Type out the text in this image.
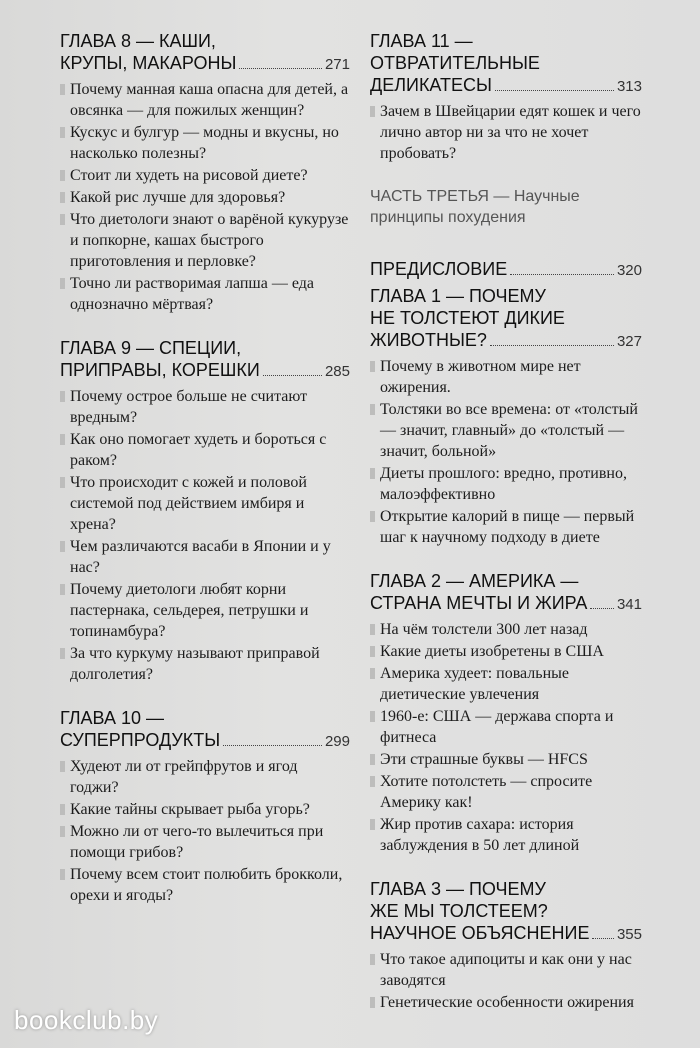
ГЛАВА 8 — КАШИ,
КРУПЫ, МАКАРОНЫ	271
Почему манная каша опасна для детей, а овсянка — для пожилых женщин?
Кускус и булгур — модны и вкусны, но насколько полезны?
Стоит ли худеть на рисовой диете?
Какой рис лучше для здоровья?
Что диетологи знают о варёной кукурузе и попкорне, кашах быстрого приготовления и перловке?
Точно ли растворимая лапша — еда однозначно мёртвая?
ГЛАВА 9 — СПЕЦИИ,
ПРИПРАВЫ, КОРЕШКИ	285
Почему острое больше не считают вредным?
Как оно помогает худеть и бороться с раком?
Что происходит с кожей и половой системой под действием имбиря и хрена?
Чем различаются васаби в Японии и у нас?
Почему диетологи любят корни пастернака, сельдерея, петрушки и топинамбура?
За что куркуму называют приправой долголетия?
ГЛАВА 10 —
СУПЕРПРОДУКТЫ	299
Худеют ли от грейпфрутов и ягод годжи?
Какие тайны скрывает рыба угорь?
Можно ли от чего-то вылечиться при помощи грибов?
Почему всем стоит полюбить брокколи, орехи и ягоды?
ГЛАВА 11 —
ОТВРАТИТЕЛЬНЫЕ
ДЕЛИКАТЕСЫ	313
Зачем в Швейцарии едят кошек и чего лично автор ни за что не хочет пробовать?
ЧАСТЬ ТРЕТЬЯ — Научные принципы похудения
ПРЕДИСЛОВИЕ	320
ГЛАВА 1 — ПОЧЕМУ
НЕ ТОЛСТЕЮТ ДИКИЕ
ЖИВОТНЫЕ?	327
Почему в животном мире нет ожирения.
Толстяки во все времена: от «толстый — значит, главный» до «толстый — значит, больной»
Диеты прошлого: вредно, противно, малоэффективно
Открытие калорий в пище — первый шаг к научному подходу в диете
ГЛАВА 2 — АМЕРИКА —
СТРАНА МЕЧТЫ И ЖИРА 341
На чём толстели 300 лет назад
Какие диеты изобретены в США
Америка худеет: повальные диетические увлечения
1960-е: США — держава спорта и фитнеса
Эти страшные буквы — HFCS
Хотите потолстеть — спросите Америку как!
Жир против сахара: история заблуждения в 50 лет длиной
ГЛАВА 3 — ПОЧЕМУ
ЖЕ МЫ ТОЛСТЕЕМ?
НАУЧНОЕ ОБЪЯСНЕНИЕ 355
Что такое адипоциты и как они у нас заводятся
Генетические особенности ожирения
bookclub.by
